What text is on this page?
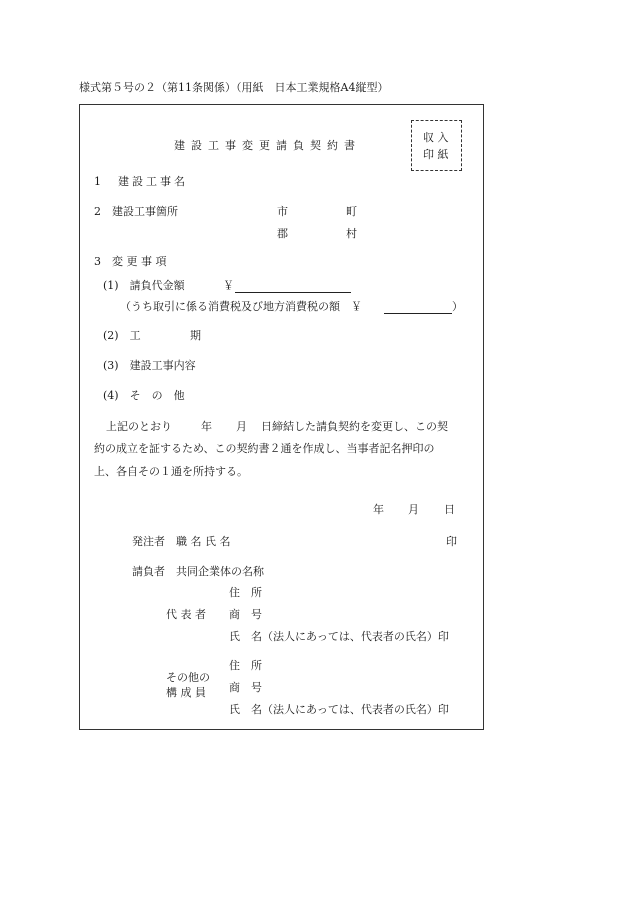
様式第５号の２（第11条関係）（用紙　日本工業規格A4縦型）
収 入
印 紙
建設工事変更請負契約書
1　建設工事名
2　建設工事箇所	市	町
郡	村
3　変 更 事 項
(1)　請負代金額	￥
（うち取引に係る消費税及び地方消費税の額　￥	）
(2)　工	期
(3)　建設工事内容
(4)　そ　の　他
上記のとおり	年 月 日締結した請負契約を変更し、この契
約の成立を証するため、この契約書２通を作成し、当事者記名押印の
上、各自その１通を所持する。
年 月 日
発注者　職 名 氏 名	印
請負者　共同企業体の名称
住　所
代 表 者 商　号
氏　名（法人にあっては、代表者の氏名）印
住　所
その他の
商　号
構 成 員
氏　名（法人にあっては、代表者の氏名）印
